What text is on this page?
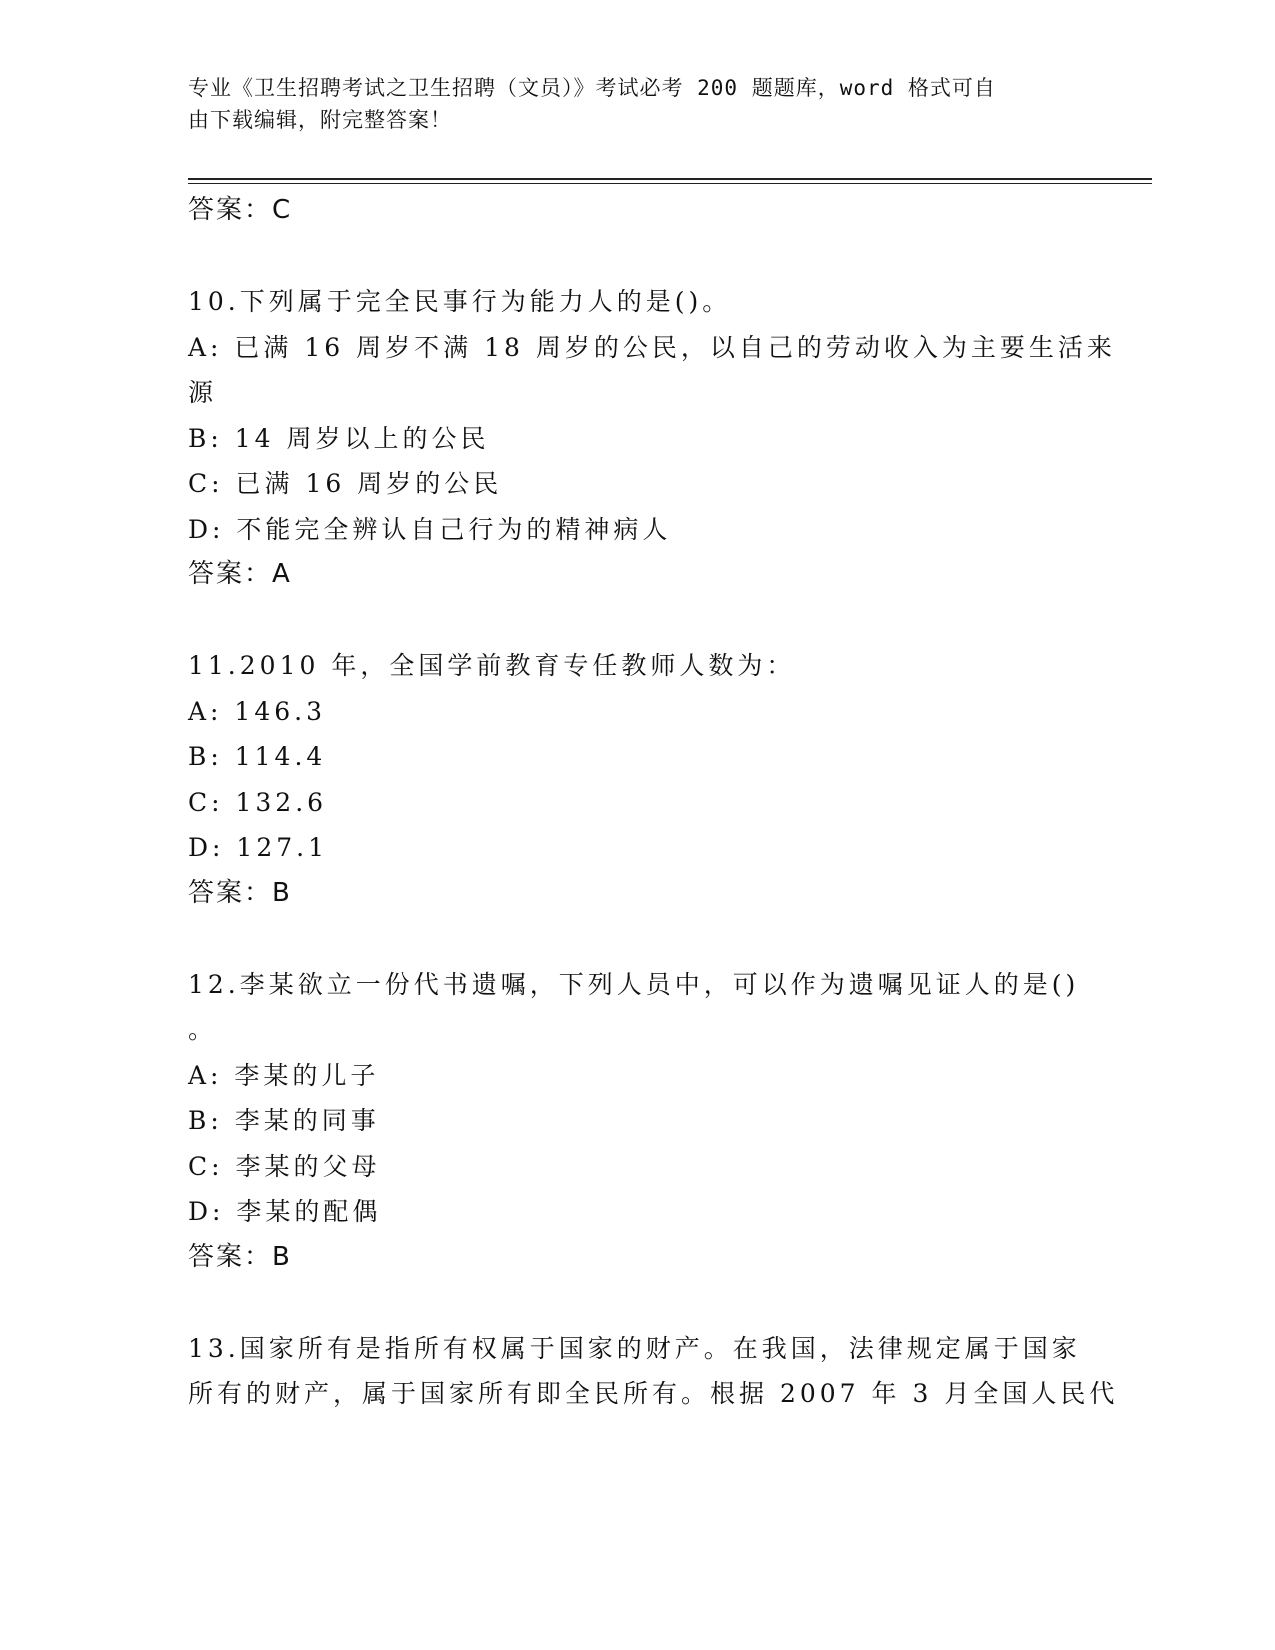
专业《卫生招聘考试之卫生招聘（文员）》考试必考 200 题题库，word 格式可自
由下载编辑，附完整答案！
答案：C
10.下列属于完全民事行为能力人的是()。
A: 已满 16 周岁不满 18 周岁的公民，以自己的劳动收入为主要生活来
源
B: 14 周岁以上的公民
C: 已满 16 周岁的公民
D: 不能完全辨认自己行为的精神病人
答案：A
11.2010 年，全国学前教育专任教师人数为：
A: 146.3
B: 114.4
C: 132.6
D: 127.1
答案：B
12.李某欲立一份代书遗嘱，下列人员中，可以作为遗嘱见证人的是()
。
A: 李某的儿子
B: 李某的同事
C: 李某的父母
D: 李某的配偶
答案：B
13.国家所有是指所有权属于国家的财产。在我国，法律规定属于国家
所有的财产，属于国家所有即全民所有。根据 2007 年 3 月全国人民代
